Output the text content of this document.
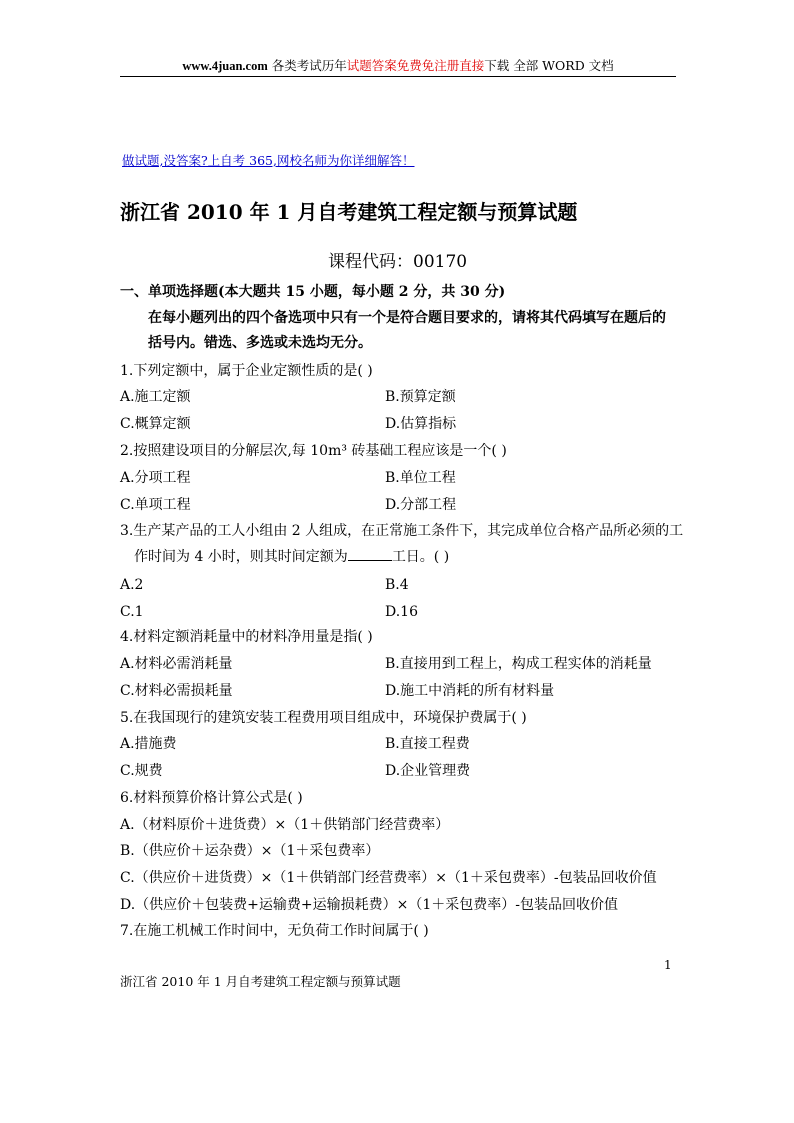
www.4juan.com 各类考试历年试题答案免费免注册直接下载 全部 WORD 文档
做试题,没答案?上自考 365,网校名师为你详细解答！
浙江省 2010 年 1 月自考建筑工程定额与预算试题
课程代码：00170
一、单项选择题(本大题共 15 小题，每小题 2 分，共 30 分)
在每小题列出的四个备选项中只有一个是符合题目要求的，请将其代码填写在题后的
括号内。错选、多选或未选均无分。
1.下列定额中，属于企业定额性质的是( )
A.施工定额	B.预算定额
C.概算定额	D.估算指标
2.按照建设项目的分解层次,每 10m³ 砖基础工程应该是一个( )
A.分项工程	B.单位工程
C.单项工程	D.分部工程
3.生产某产品的工人小组由 2 人组成，在正常施工条件下，其完成单位合格产品所必须的工
作时间为 4 小时，则其时间定额为	工日。( )
A.2	B.4
C.1	D.16
4.材料定额消耗量中的材料净用量是指( )
A.材料必需消耗量	B.直接用到工程上，构成工程实体的消耗量
C.材料必需损耗量	D.施工中消耗的所有材料量
5.在我国现行的建筑安装工程费用项目组成中，环境保护费属于( )
A.措施费	B.直接工程费
C.规费	D.企业管理费
6.材料预算价格计算公式是( )
A.（材料原价＋进货费）×（1＋供销部门经营费率）
B.（供应价＋运杂费）×（1＋采包费率）
C.（供应价＋进货费）×（1＋供销部门经营费率）×（1＋采包费率）-包装品回收价值
D.（供应价＋包装费+运输费+运输损耗费）×（1＋采包费率）-包装品回收价值
7.在施工机械工作时间中，无负荷工作时间属于( )
1
浙江省 2010 年 1 月自考建筑工程定额与预算试题
